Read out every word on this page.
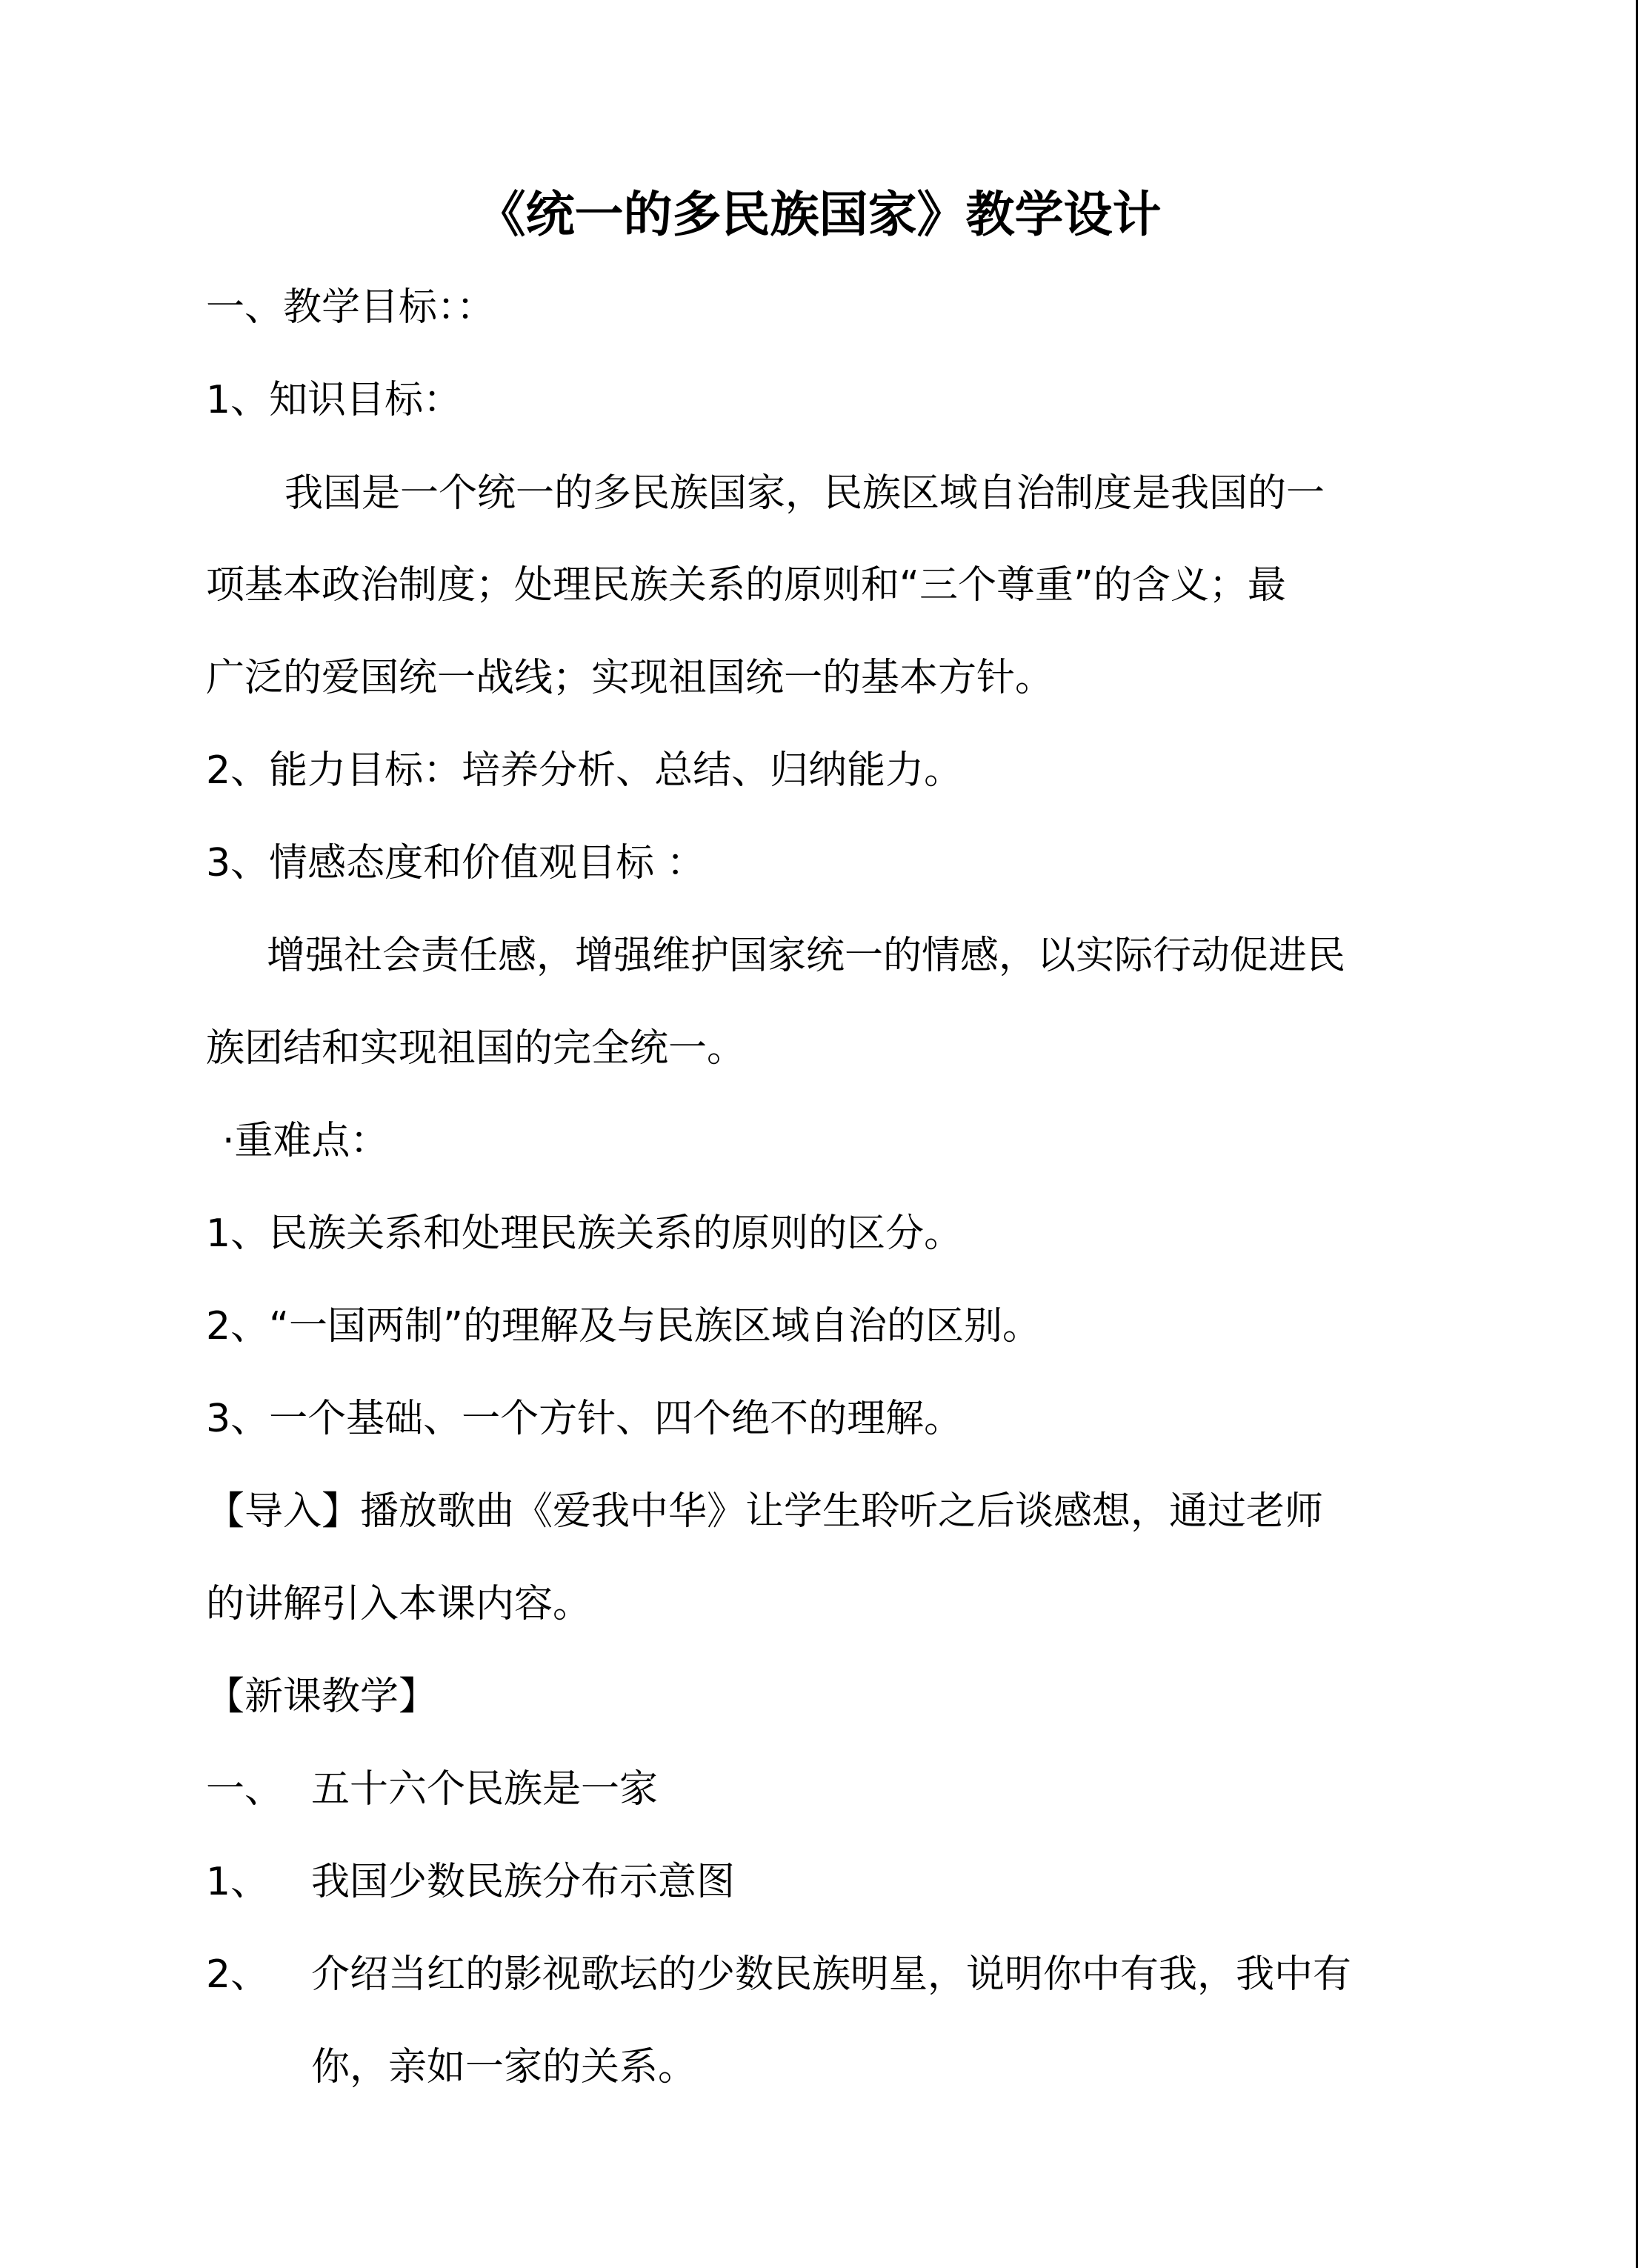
《统一的多民族国家》教学设计
一、教学目标：：
1、知识目标：
我国是一个统一的多民族国家，民族区域自治制度是我国的一
项基本政治制度；处理民族关系的原则和“三个尊重”的含义；最
广泛的爱国统一战线；实现祖国统一的基本方针。
2、能力目标：培养分析、总结、归纳能力。
3、情感态度和价值观目标 ：
增强社会责任感，增强维护国家统一的情感，以实际行动促进民
族团结和实现祖国的完全统一。
·重难点：
1、民族关系和处理民族关系的原则的区分。
2、“一国两制”的理解及与民族区域自治的区别。
3、一个基础、一个方针、四个绝不的理解。
【导入】播放歌曲《爱我中华》让学生聆听之后谈感想，通过老师
的讲解引入本课内容。
【新课教学】
一、 五十六个民族是一家
1、 我国少数民族分布示意图
2、 介绍当红的影视歌坛的少数民族明星，说明你中有我，我中有
你，亲如一家的关系。
